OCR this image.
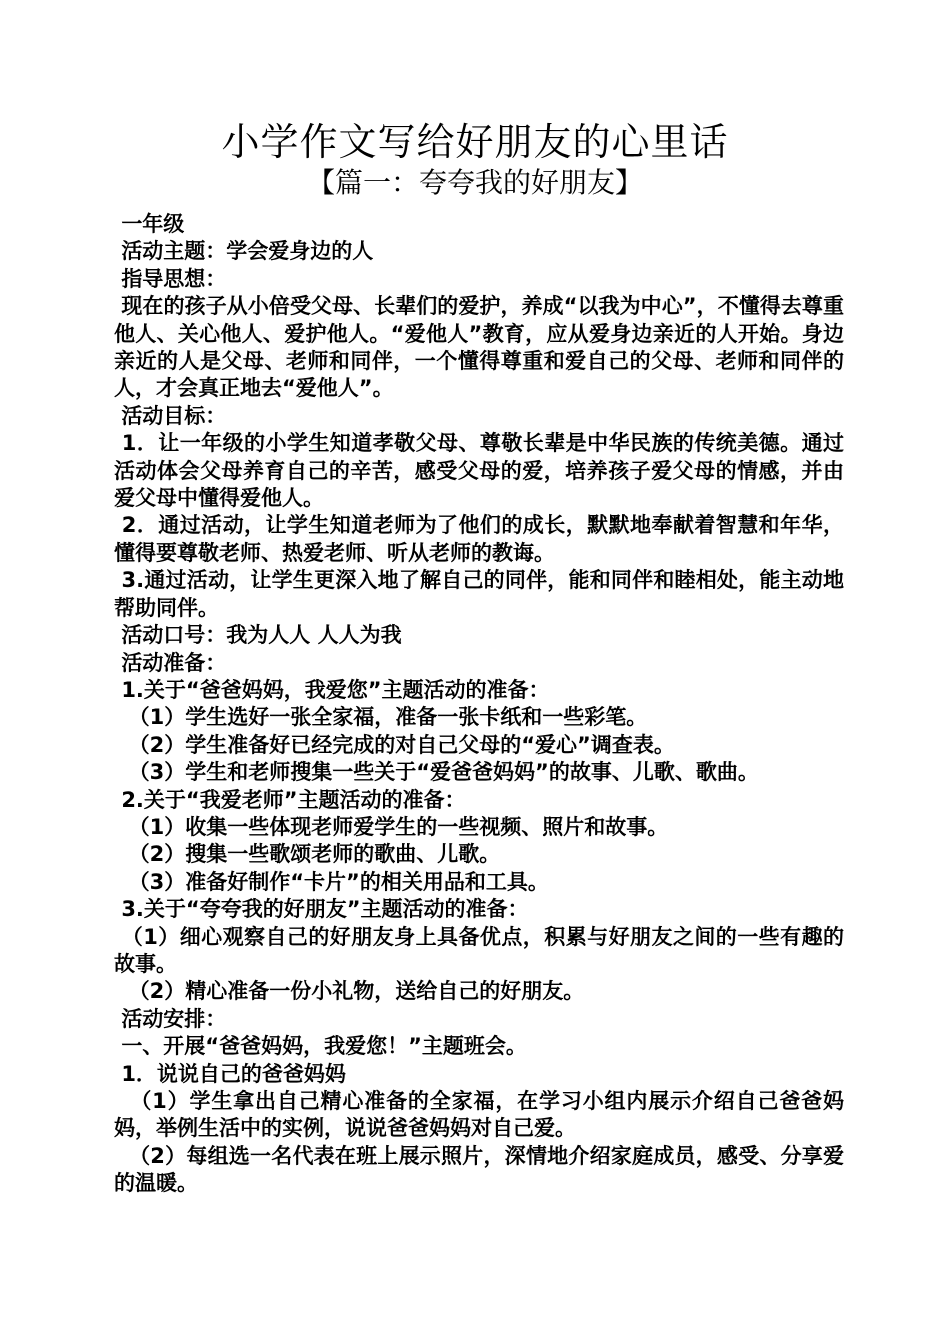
小学作文写给好朋友的心里话
【篇一：夸夸我的好朋友】

一年级

活动主题：学会爱身边的人

指导思想：

现在的孩子从小倍受父母、长辈们的爱护，养成“以我为中心”，不懂得去尊重他人、关心他人、爱护他人。“爱他人”教育，应从爱身边亲近的人开始。身边亲近的人是父母、老师和同伴，一个懂得尊重和爱自己的父母、老师和同伴的人，才会真正地去“爱他人”。

活动目标：

1．让一年级的小学生知道孝敬父母、尊敬长辈是中华民族的传统美德。通过活动体会父母养育自己的辛苦，感受父母的爱，培养孩子爱父母的情感，并由爱父母中懂得爱他人。

2．通过活动，让学生知道老师为了他们的成长，默默地奉献着智慧和年华，懂得要尊敬老师、热爱老师、听从老师的教诲。

3.通过活动，让学生更深入地了解自己的同伴，能和同伴和睦相处，能主动地帮助同伴。

活动口号：我为人人 人人为我

活动准备：

1.关于“爸爸妈妈，我爱您”主题活动的准备：

（1）学生选好一张全家福，准备一张卡纸和一些彩笔。

（2）学生准备好已经完成的对自己父母的“爱心”调查表。

（3）学生和老师搜集一些关于“爱爸爸妈妈”的故事、儿歌、歌曲。

2.关于“我爱老师”主题活动的准备：

（1）收集一些体现老师爱学生的一些视频、照片和故事。

（2）搜集一些歌颂老师的歌曲、儿歌。

（3）准备好制作“卡片”的相关用品和工具。

3.关于“夸夸我的好朋友”主题活动的准备：

（1）细心观察自己的好朋友身上具备优点，积累与好朋友之间的一些有趣的故事。

（2）精心准备一份小礼物，送给自己的好朋友。

活动安排：

一、开展“爸爸妈妈，我爱您！”主题班会。

1．说说自己的爸爸妈妈

（1）学生拿出自己精心准备的全家福，在学习小组内展示介绍自己爸爸妈妈，举例生活中的实例，说说爸爸妈妈对自己爱。

（2）每组选一名代表在班上展示照片，深情地介绍家庭成员，感受、分享爱的温暖。
